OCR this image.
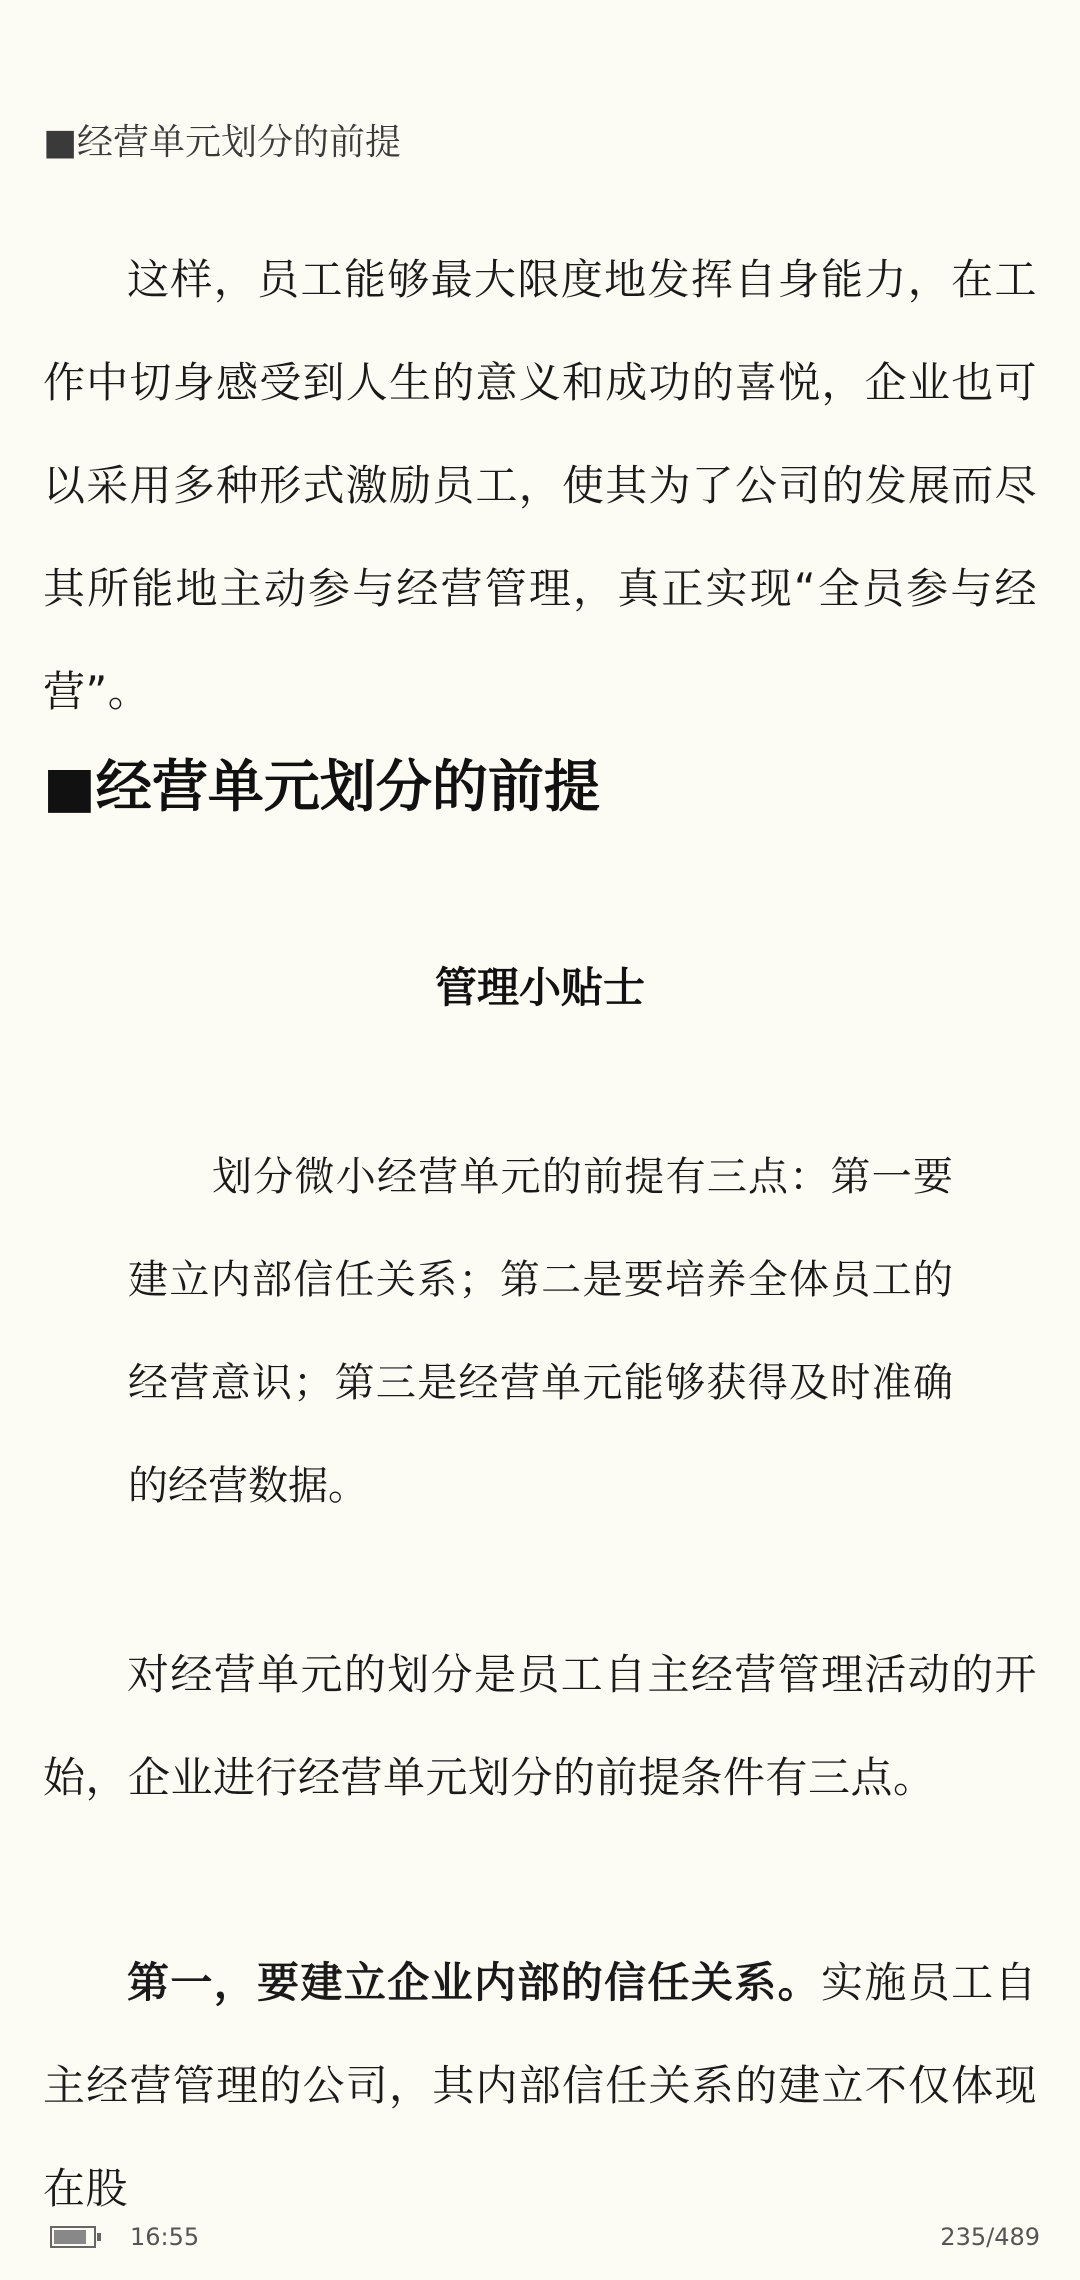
■经营单元划分的前提

这样，员工能够最大限度地发挥自身能力，在工作中切身感受到人生的意义和成功的喜悦，企业也可以采用多种形式激励员工，使其为了公司的发展而尽其所能地主动参与经营管理，真正实现“全员参与经营”。

■经营单元划分的前提
管理小贴士

划分微小经营单元的前提有三点：第一要建立内部信任关系；第二是要培养全体员工的经营意识；第三是经营单元能够获得及时准确的经营数据。

对经营单元的划分是员工自主经营管理活动的开始，企业进行经营单元划分的前提条件有三点。

第一，要建立企业内部的信任关系。实施员工自主经营管理的公司，其内部信任关系的建立不仅体现在股

16:55	235/489
